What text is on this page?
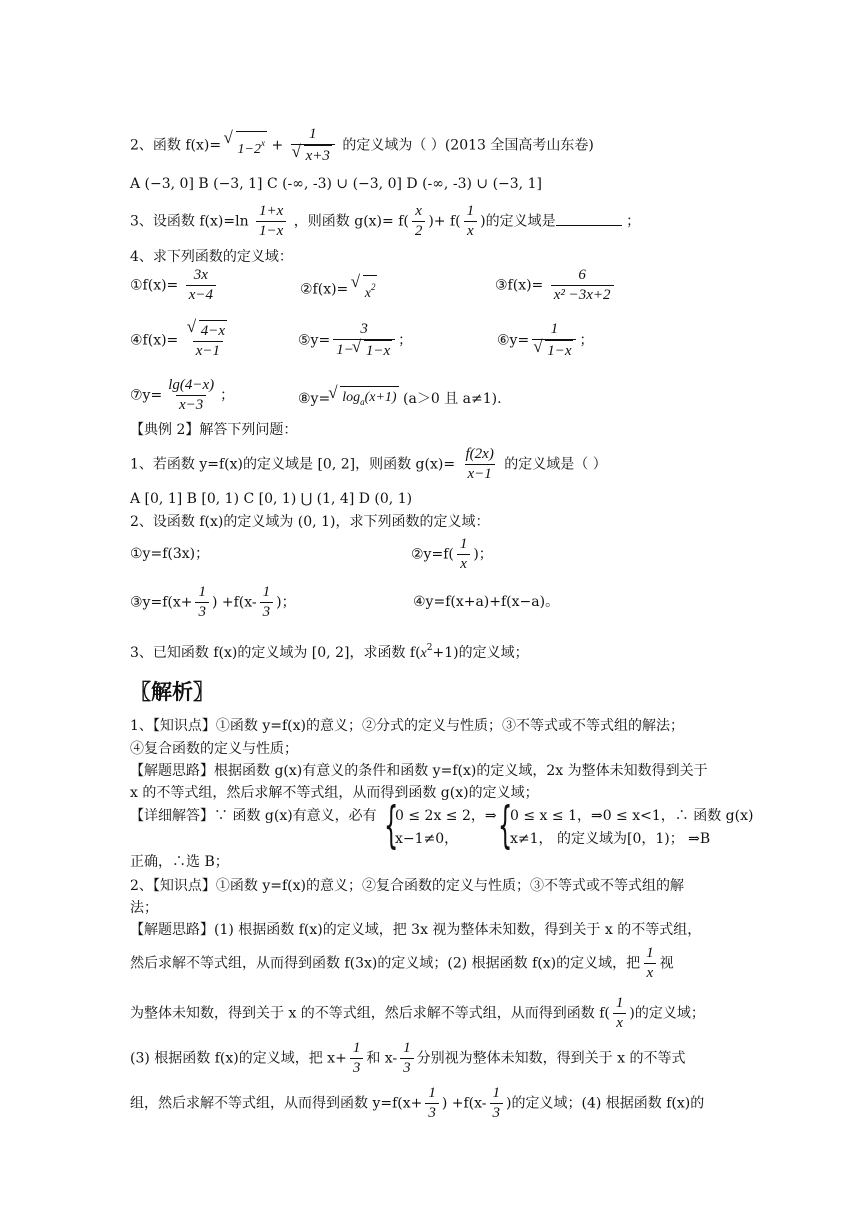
2、函数 f(x)= √ $1-2^x + 1$
√ x+3 的定义域为（ ）(2013 全国高考山东卷)
A (−3, 0] B (−3, 1] C (-∞, -3) ∪ (−3, 0] D (-∞, -3) ∪ (−3, 1]
3、设函数 $f(x)=\ln \frac{1+x}{1-x}$ ，则函数 $g(x)= f( \frac{x}{2}$ )+ $f( \frac{1}{x}$ )的定义域是	；
4、求下列函数的定义域：
①f(x)= $\frac{3x}{x-4}$	②f(x)= √ $x^2$	③f(x)= $\frac{6}{\text{x² −3x+2}}$
④f(x)= √ $\frac{4-x}{x-1}$	⑤y= $\frac{3}{1- √ 1-x}$ ；	⑥y= 1
√ 1−x ；
⑦y= $\frac{\lg(4-x)}{x-3}$ ；	⑧y= √ $\log_a(x+1)$ (a＞0 且 a≠1).
【典例 2】解答下列问题：
1、若函数 y=f(x)的定义域是 [0, 2]，则函数 $g(x)= \frac{f(2x)}{x-1}$ 的定义域是（ ）
A [0, 1] B [0, 1) C [0, 1) ⋃ (1, 4] D (0, 1)
2、设函数 f(x)的定义域为 (0, 1)，求下列函数的定义域：
①y=f(3x)；	②y=f( $\frac{1}{x}$ )；
③y=f(x+ $\frac{1}{3}$ ) $+f(x- \frac{1}{3}$ )；	④y=f(x+a)+f(x−a)。
3、已知函数 f(x)的定义域为 [0, 2]，求函数 $f(x^2+1)$的定义域；
〖解析〗
1、【知识点】①函数 y=f(x)的意义；②分式的定义与性质；③不等式或不等式组的解法；
④复合函数的定义与性质；
【解题思路】根据函数 g(x)有意义的条件和函数 y=f(x)的定义域，2x 为整体未知数得到关于
x 的不等式组，然后求解不等式组，从而得到函数 g(x)的定义域；
【详细解答】∵ 函数 g(x)有意义，必有 {
0 ≤ 2x ≤ 2，⇒
x−1≠0， {
0 ≤ x ≤ 1，⇒0 ≤ x<1，∴ 函数 g(x)
x≠1， 的定义域为[0，1)； ⇒B
正确，∴选 B；
2、【知识点】①函数 y=f(x)的意义；②复合函数的定义与性质；③不等式或不等式组的解
法；
【解题思路】(1) 根据函数 f(x)的定义域，把 3x 视为整体未知数，得到关于 x 的不等式组，
然后求解不等式组，从而得到函数 f(3x)的定义域；(2) 根据函数 f(x)的定义域，把 $\frac{1}{x}$ 视
为整体未知数，得到关于 x 的不等式组，然后求解不等式组，从而得到函数 $f( \frac{1}{x}$ )的定义域；
(3) 根据函数 f(x)的定义域，把 $x+ \frac{1}{3}$ 和 $x- \frac{1}{3}$ 分别视为整体未知数，得到关于 x 的不等式
组，然后求解不等式组，从而得到函数 $y=f(x+ \frac{1}{3}$ ) $+f(x- \frac{1}{3}$ )的定义域；(4) 根据函数 f(x)的
